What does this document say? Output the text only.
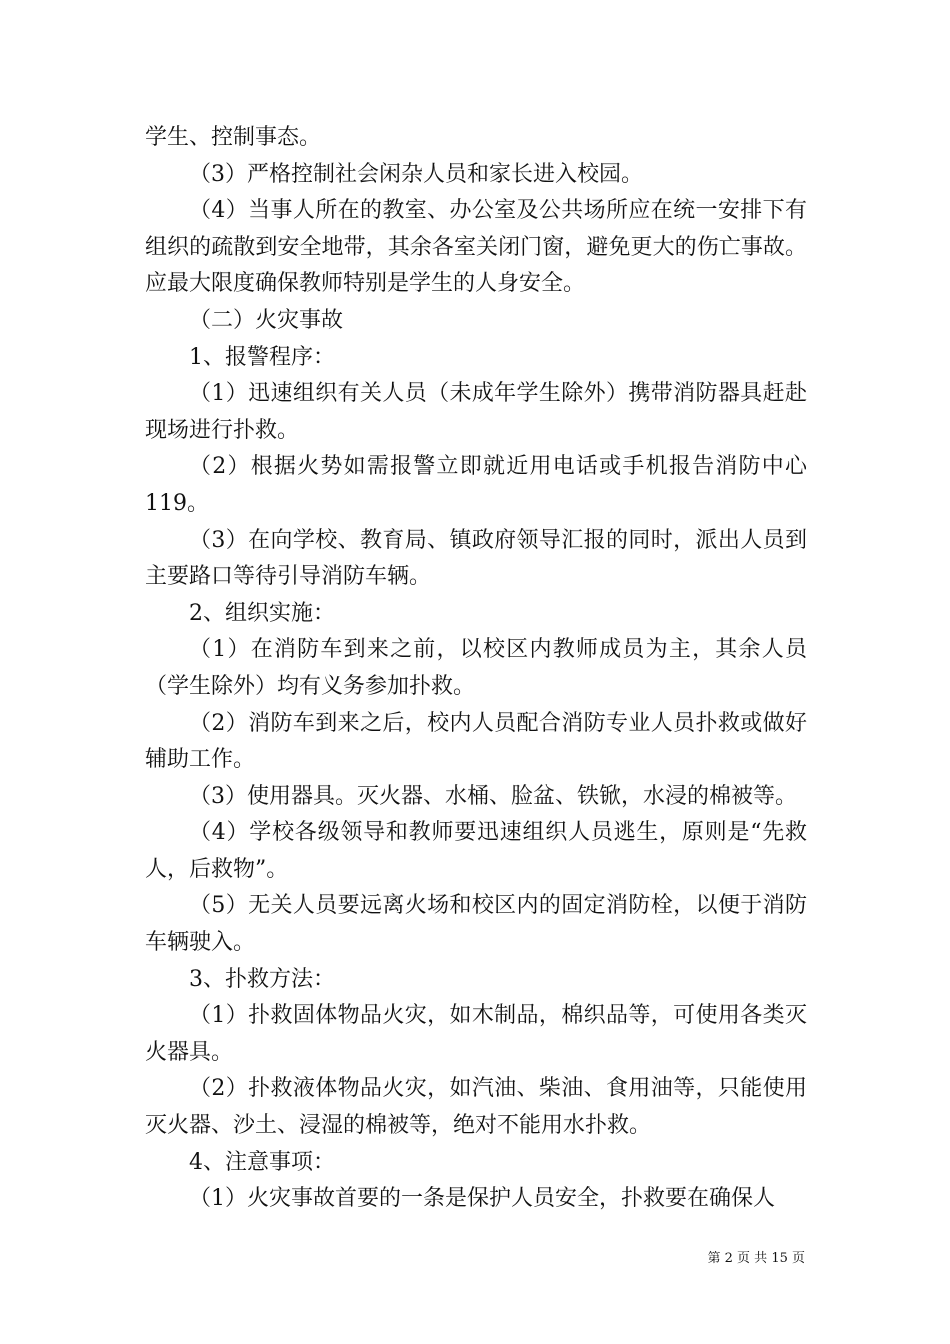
学生、控制事态。

（3）严格控制社会闲杂人员和家长进入校园。

（4）当事人所在的教室、办公室及公共场所应在统一安排下有组织的疏散到安全地带，其余各室关闭门窗，避免更大的伤亡事故。应最大限度确保教师特别是学生的人身安全。

（二）火灾事故

1、报警程序：

（1）迅速组织有关人员（未成年学生除外）携带消防器具赶赴现场进行扑救。

（2）根据火势如需报警立即就近用电话或手机报告消防中心119。

（3）在向学校、教育局、镇政府领导汇报的同时，派出人员到主要路口等待引导消防车辆。

2、组织实施：

（1）在消防车到来之前，以校区内教师成员为主，其余人员（学生除外）均有义务参加扑救。

（2）消防车到来之后，校内人员配合消防专业人员扑救或做好辅助工作。

（3）使用器具。灭火器、水桶、脸盆、铁锨，水浸的棉被等。

（4）学校各级领导和教师要迅速组织人员逃生，原则是“先救人，后救物”。

（5）无关人员要远离火场和校区内的固定消防栓，以便于消防车辆驶入。

3、扑救方法：

（1）扑救固体物品火灾，如木制品，棉织品等，可使用各类灭火器具。

（2）扑救液体物品火灾，如汽油、柴油、食用油等，只能使用灭火器、沙土、浸湿的棉被等，绝对不能用水扑救。

4、注意事项：

（1）火灾事故首要的一条是保护人员安全，扑救要在确保人

第 2 页 共 15 页
